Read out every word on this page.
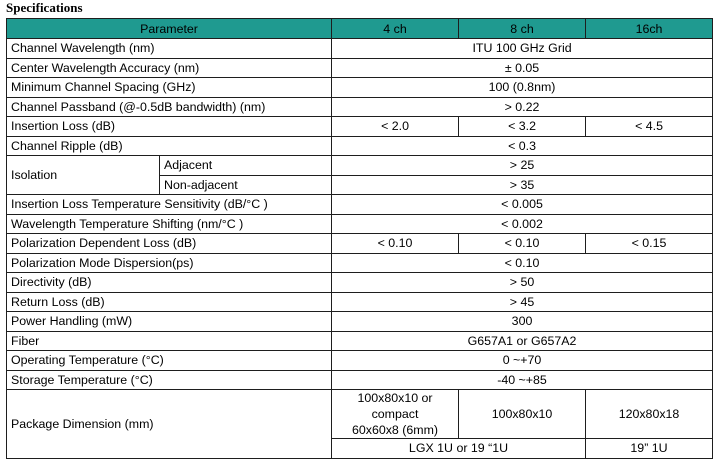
Specifications
Parameter		4 ch	8 ch	16ch
Channel Wavelength (nm)		ITU 100 GHz Grid		
Center Wavelength Accuracy (nm)		± 0.05		
Minimum Channel Spacing (GHz)		100 (0.8nm)		
Channel Passband (@-0.5dB bandwidth) (nm)		> 0.22		
Insertion Loss (dB)		< 2.0	< 3.2	< 4.5
Channel Ripple (dB)		< 0.3		
Isolation	Adjacent	> 25		
	Non-adjacent	> 35		
Insertion Loss Temperature Sensitivity (dB/°C )		< 0.005		
Wavelength Temperature Shifting (nm/°C )		< 0.002		
Polarization Dependent Loss (dB)		< 0.10	< 0.10	< 0.15
Polarization Mode Dispersion(ps)		< 0.10		
Directivity (dB)		> 50		
Return Loss (dB)		> 45		
Power Handling (mW)		300		
Fiber		G657A1 or G657A2		
Operating Temperature (°C)		0 ~+70		
Storage Temperature (°C)		-40 ~+85		
Package Dimension (mm)		100x80x10 or
compact
60x60x8 (6mm)	100x80x10	120x80x18
		LGX 1U or 19 “1U		19” 1U
